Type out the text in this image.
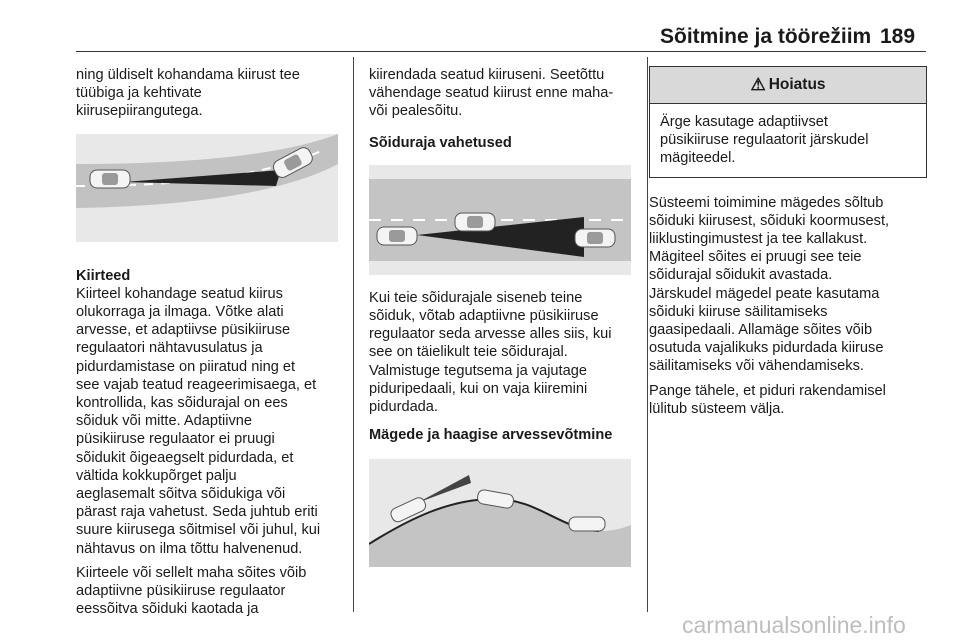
Sõitmine ja töörežiim 189

ning üldiselt kohandama kiirust tee
tüübiga ja kehtivate
kiirusepiirangutega.

Kiirteed

Kiirteel kohandage seatud kiirus
olukorraga ja ilmaga. Võtke alati
arvesse, et adaptiivse püsikiiruse
regulaatori nähtavusulatus ja
pidurdamistase on piiratud ning et
see vajab teatud reageerimisaega, et
kontrollida, kas sõidurajal on ees
sõiduk või mitte. Adaptiivne
püsikiiruse regulaator ei pruugi
sõidukit õigeaegselt pidurdada, et
vältida kokkupõrget palju
aeglasemalt sõitva sõidukiga või
pärast raja vahetust. Seda juhtub eriti
suure kiirusega sõitmisel või juhul, kui
nähtavus on ilma tõttu halvenenud.

Kiirteele või sellelt maha sõites võib
adaptiivne püsikiiruse regulaator
eessõitva sõiduki kaotada ja

kiirendada seatud kiiruseni. Seetõttu
vähendage seatud kiirust enne maha-
või pealesõitu.

Sõiduraja vahetused

Kui teie sõidurajale siseneb teine
sõiduk, võtab adaptiivne püsikiiruse
regulaator seda arvesse alles siis, kui
see on täielikult teie sõidurajal.
Valmistuge tegutsema ja vajutage
piduripedaali, kui on vaja kiiremini
pidurdada.

Mägede ja haagise arvessevõtmine
⚠ Hoiatus
Ärge kasutage adaptiivset
püsikiiruse regulaatorit järskudel
mägiteedel.

Süsteemi toimimine mägedes sõltub
sõiduki kiirusest, sõiduki koormusest,
liiklustingimustest ja tee kallakust.
Mägiteel sõites ei pruugi see teie
sõidurajal sõidukit avastada.
Järskudel mägedel peate kasutama
sõiduki kiiruse säilitamiseks
gaasipedaali. Allamäge sõites võib
osutuda vajalikuks pidurdada kiiruse
säilitamiseks või vähendamiseks.

Pange tähele, et piduri rakendamisel
lülitub süsteem välja.

carmanualsonline.info
